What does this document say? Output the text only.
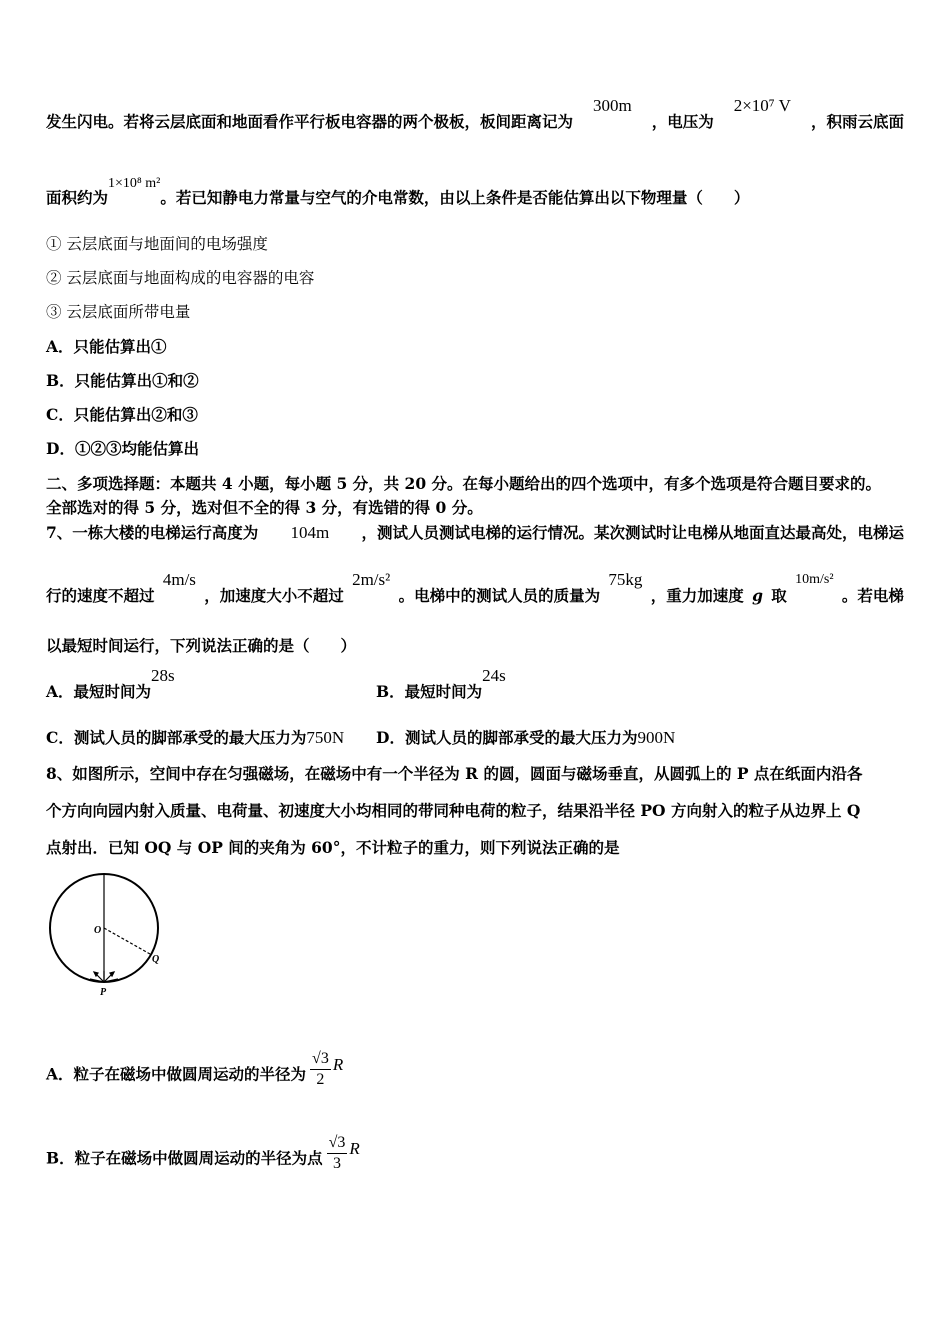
发生闪电。若将云层底面和地面看作平行板电容器的两个极板，板间距离记为
300m
，电压为
2×10⁷ V
，积雨云底面
面积约为1×10⁸ m²。若已知静电力常量与空气的介电常数，由以上条件是否能估算出以下物理量（　　）
① 云层底面与地面间的电场强度
② 云层底面与地面构成的电容器的电容
③ 云层底面所带电量
A．只能估算出①
B．只能估算出①和②
C．只能估算出②和③
D．①②③均能估算出
二、多项选择题：本题共 4 小题，每小题 5 分，共 20 分。在每小题给出的四个选项中，有多个选项是符合题目要求的。
全部选对的得 5 分，选对但不全的得 3 分，有选错的得 0 分。
7、一栋大楼的电梯运行高度为 104m ，测试人员测试电梯的运行情况。某次测试时让电梯从地面直达最高处，电梯运
行的速度不超过
4m/s
，加速度大小不超过
2m/s²
。电梯中的测试人员的质量为
75kg
，重力加速度 g 取
10m/s²
。若电梯
以最短时间运行，下列说法正确的是（　　）
A．最短时间为28s
B．最短时间为24s
C．测试人员的脚部承受的最大压力为750N D．测试人员的脚部承受的最大压力为900N
8、如图所示，空间中存在匀强磁场，在磁场中有一个半径为 R 的圆，圆面与磁场垂直，从圆弧上的 P 点在纸面内沿各
个方向向园内射入质量、电荷量、初速度大小均相同的带同种电荷的粒子，结果沿半径 PO 方向射入的粒子从边界上 Q
点射出．已知 OQ 与 OP 间的夹角为 60°，不计粒子的重力，则下列说法正确的是
O
Q
P
A．粒子在磁场中做圆周运动的半径为 $\frac{√3}{2}$ R
B．粒子在磁场中做圆周运动的半径为点 $\frac{√3}{3}$ R
